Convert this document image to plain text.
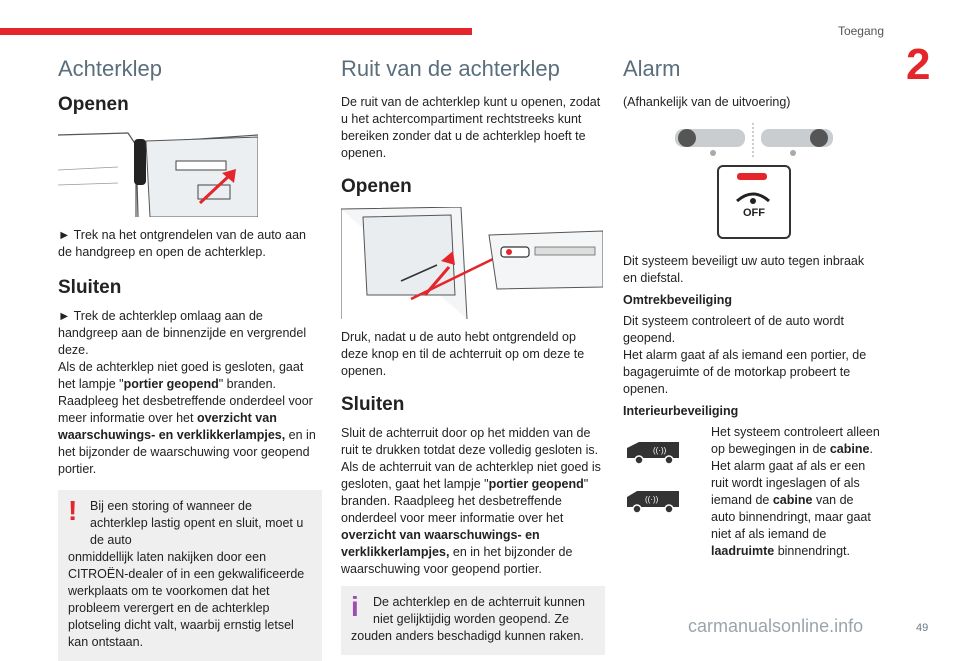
Toegang
2
Achterklep
Openen

► Trek na het ontgrendelen van de auto aan de handgreep en open de achterklep.

Sluiten

► Trek de achterklep omlaag aan de handgreep aan de binnenzijde en vergrendel deze.
Als de achterklep niet goed is gesloten, gaat het lampje "portier geopend" branden.
Raadpleeg het desbetreffende onderdeel voor meer informatie over het overzicht van waarschuwings- en verklikkerlampjes, en in het bijzonder de waarschuwing voor geopend portier.

! Bij een storing of wanneer de achterklep lastig opent en sluit, moet u de auto
onmiddellijk laten nakijken door een CITROËN-dealer of in een gekwalificeerde werkplaats om te voorkomen dat het probleem verergert en de achterklep plotseling dicht valt, waarbij ernstig letsel kan ontstaan.
Ruit van de achterklep

De ruit van de achterklep kunt u openen, zodat u het achtercompartiment rechtstreeks kunt bereiken zonder dat u de achterklep hoeft te openen.

Openen

Druk, nadat u de auto hebt ontgrendeld op deze knop en til de achterruit op om deze te openen.

Sluiten

Sluit de achterruit door op het midden van de ruit te drukken totdat deze volledig gesloten is.
Als de achterruit van de achterklep niet goed is gesloten, gaat het lampje "portier geopend" branden. Raadpleeg het desbetreffende onderdeel voor meer informatie over het overzicht van waarschuwings- en verklikkerlampjes, en in het bijzonder de waarschuwing voor geopend portier.

i De achterklep en de achterruit kunnen niet gelijktijdig worden geopend. Ze
zouden anders beschadigd kunnen raken.
Alarm

(Afhankelijk van de uitvoering)

OFF

Dit systeem beveiligt uw auto tegen inbraak en diefstal.

Omtrekbeveiliging

Dit systeem controleert of de auto wordt geopend.
Het alarm gaat af als iemand een portier, de bagageruimte of de motorkap probeert te openen.

Interieurbeveiliging
((·))

((·))

Het systeem controleert alleen op bewegingen in de cabine.
Het alarm gaat af als er een ruit wordt ingeslagen of als iemand de cabine van de auto binnendringt, maar gaat niet af als iemand de laadruimte binnendringt.

carmanualsonline.info	49
